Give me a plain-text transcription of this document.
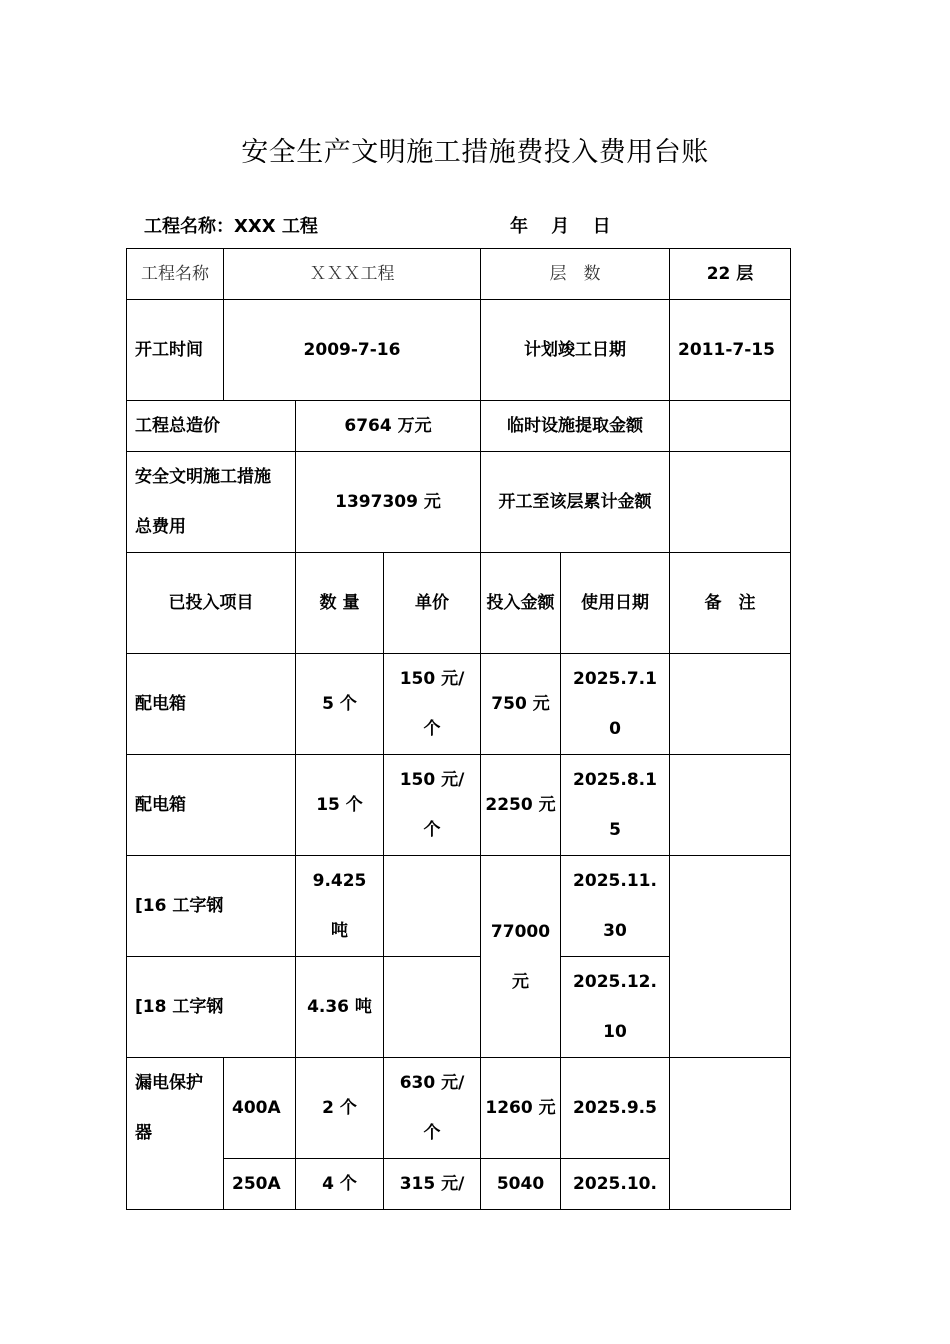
安全生产文明施工措施费投入费用台账
工程名称：XXX 工程	年 月 日
工程名称	ＸＸＸ工程			层　数		22 层
开工时间	2009-7-16			计划竣工日期		2011-7-15
工程总造价		6764 万元		临时设施提取金额		
安全文明施工措施总费用		1397309 元		开工至该层累计金额		
已投入项目		数 量	单价	投入金额	使用日期	备　注
配电箱		5 个	150 元/个	750 元	2025.7.10	
配电箱		15 个	150 元/个	2250 元	2025.8.15	
[16 工字钢		9.425 吨		77000 元	2025.11.30	
[18 工字钢		4.36 吨			2025.12.10	
漏电保护器	400A	2 个	630 元/个	1260 元	2025.9.5	
	250A	4 个	315 元/	5040	2025.10.	
